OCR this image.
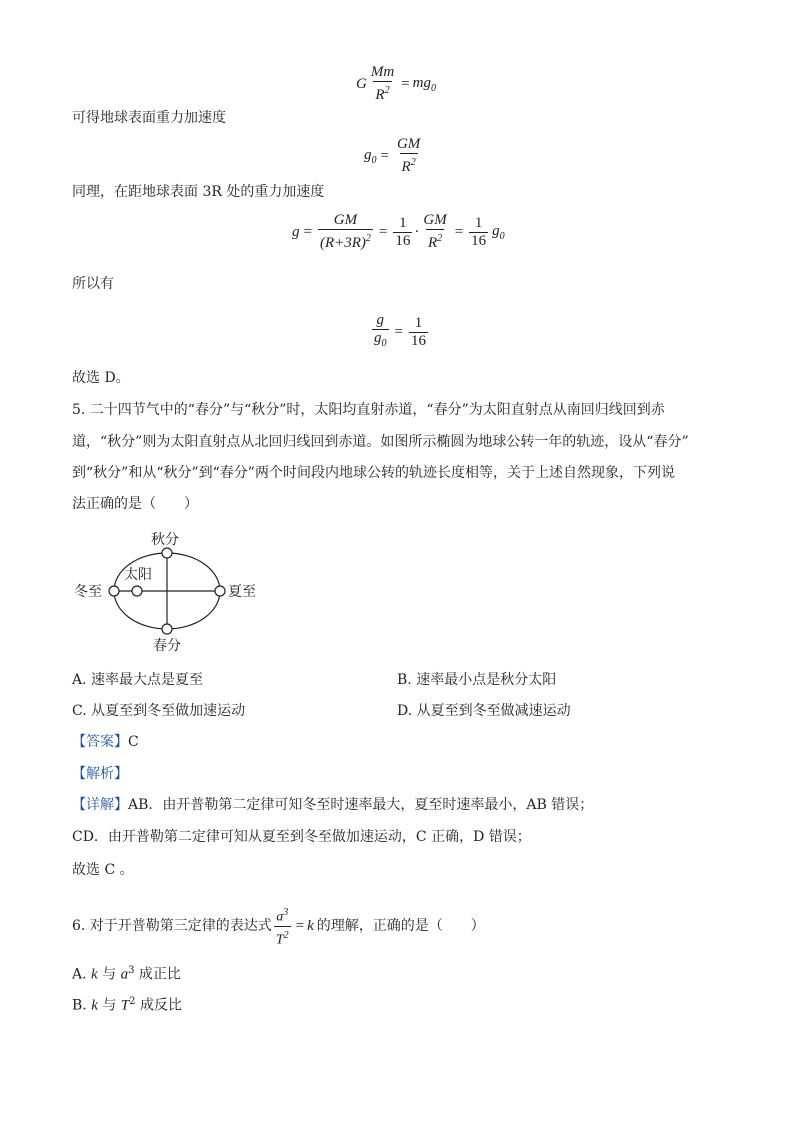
G $\frac{Mm}{R^2} = mg_0$
可得地球表面重力加速度
$g_0 = \frac{GM}{R^2}$
同理，在距地球表面 3R 处的重力加速度
$g = \frac{GM}{(R+3R)^2} = \frac{1}{16} \cdot \frac{GM}{R^2} = \frac{1}{16} g_0$
所以有
$\frac{g}{g_0} = \frac{1}{16}$
故选 D。
5. 二十四节气中的“春分”与“秋分”时，太阳均直射赤道，“春分”为太阳直射点从南回归线回到赤
道，“秋分”则为太阳直射点从北回归线回到赤道。如图所示椭圆为地球公转一年的轨迹，设从“春分”
到“秋分”和从“秋分”到“春分”两个时间段内地球公转的轨迹长度相等，关于上述自然现象，下列说
法正确的是（　　）
秋分
春分
冬至	夏至
太阳
A. 速率最大点是夏至	B. 速率最小点是秋分太阳
C. 从夏至到冬至做加速运动	D. 从夏至到冬至做减速运动
【答案】C
【解析】
【详解】AB．由开普勒第二定律可知冬至时速率最大，夏至时速率最小，AB 错误；
CD．由开普勒第二定律可知从夏至到冬至做加速运动，C 正确，D 错误；
故选 C 。
6. 对于开普勒第三定律的表达式 $\frac{a^3}{T^2} = k$ 的理解，正确的是（　　）
A. k 与 $a^3$ 成正比
B. k 与 $T^2$ 成反比
